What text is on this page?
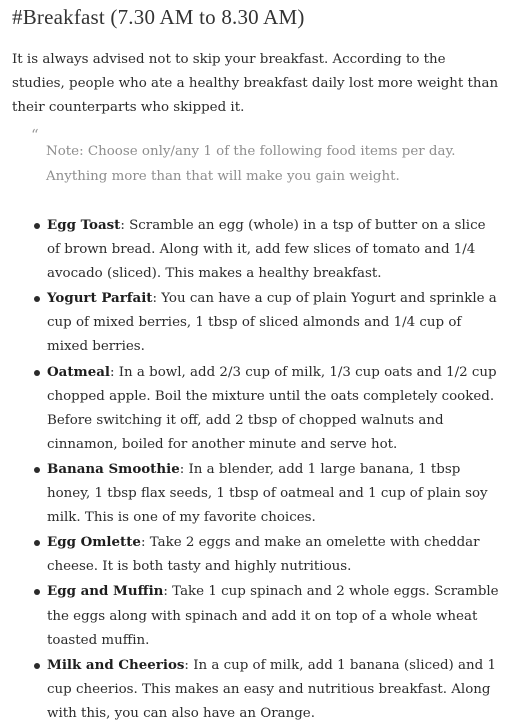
#Breakfast (7.30 AM to 8.30 AM)

It is always advised not to skip your breakfast. According to the studies, people who ate a healthy breakfast daily lost more weight than their counterparts who skipped it.

“

Note: Choose only/any 1 of the following food items per day. Anything more than that will make you gain weight.

Egg Toast: Scramble an egg (whole) in a tsp of butter on a slice of brown bread. Along with it, add few slices of tomato and 1/4 avocado (sliced). This makes a healthy breakfast.
Yogurt Parfait: You can have a cup of plain Yogurt and sprinkle a cup of mixed berries, 1 tbsp of sliced almonds and 1/4 cup of mixed berries.
Oatmeal: In a bowl, add 2/3 cup of milk, 1/3 cup oats and 1/2 cup chopped apple. Boil the mixture until the oats completely cooked. Before switching it off, add 2 tbsp of chopped walnuts and cinnamon, boiled for another minute and serve hot.
Banana Smoothie: In a blender, add 1 large banana, 1 tbsp honey, 1 tbsp flax seeds, 1 tbsp of oatmeal and 1 cup of plain soy milk. This is one of my favorite choices.
Egg Omlette: Take 2 eggs and make an omelette with cheddar cheese. It is both tasty and highly nutritious.
Egg and Muffin: Take 1 cup spinach and 2 whole eggs. Scramble the eggs along with spinach and add it on top of a whole wheat toasted muffin.
Milk and Cheerios: In a cup of milk, add 1 banana (sliced) and 1 cup cheerios. This makes an easy and nutritious breakfast. Along with this, you can also have an Orange.
